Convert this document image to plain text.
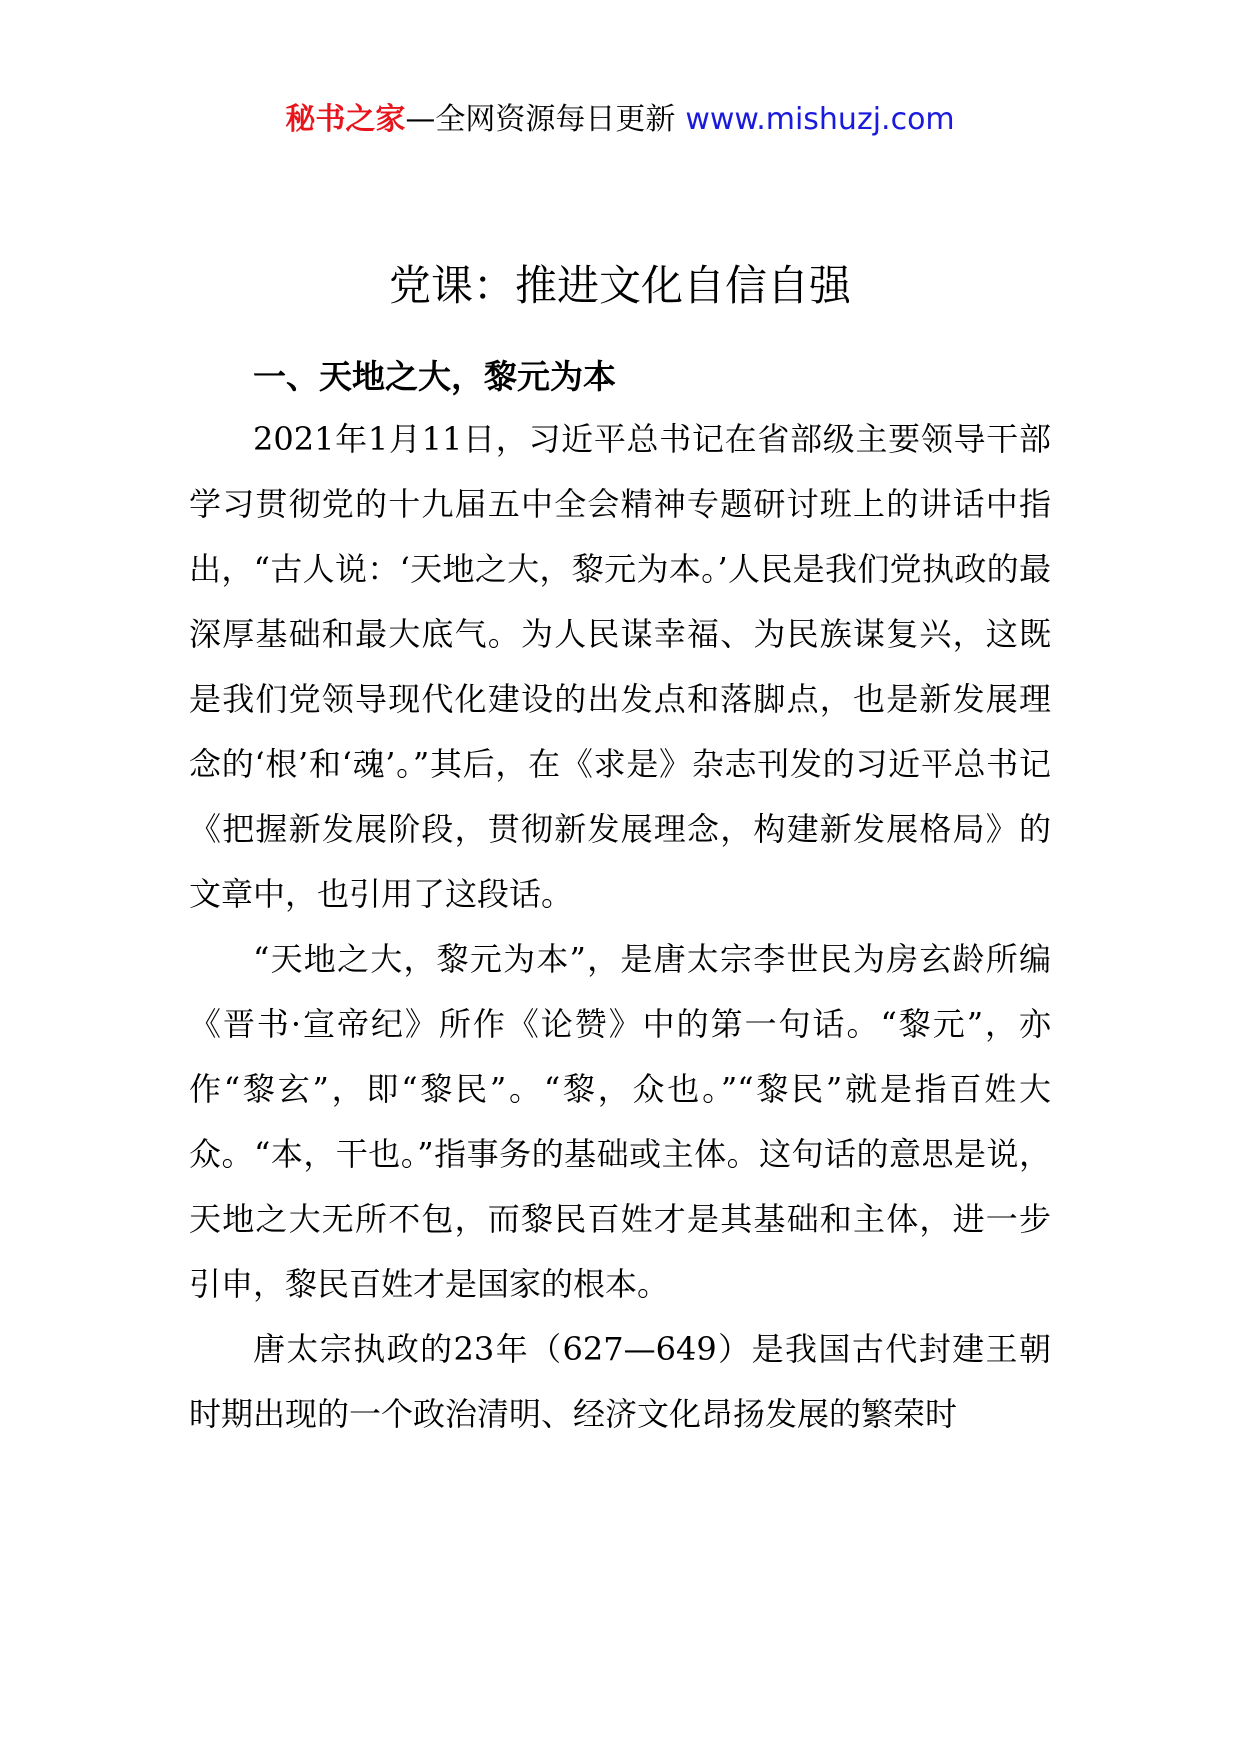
秘书之家—全网资源每日更新 www.mishuzj.com
党课：推进文化自信自强
一、天地之大，黎元为本

2021年1月11日，习近平总书记在省部级主要领导干部学习贯彻党的十九届五中全会精神专题研讨班上的讲话中指出，“古人说：‘天地之大，黎元为本。’人民是我们党执政的最深厚基础和最大底气。为人民谋幸福、为民族谋复兴，这既是我们党领导现代化建设的出发点和落脚点，也是新发展理念的‘根’和‘魂’。”其后，在《求是》杂志刊发的习近平总书记《把握新发展阶段，贯彻新发展理念，构建新发展格局》的文章中，也引用了这段话。

“天地之大，黎元为本”，是唐太宗李世民为房玄龄所编《晋书·宣帝纪》所作《论赞》中的第一句话。“黎元”，亦作“黎玄”，即“黎民”。“黎，众也。”“黎民”就是指百姓大众。“本，干也。”指事务的基础或主体。这句话的意思是说，天地之大无所不包，而黎民百姓才是其基础和主体，进一步引申，黎民百姓才是国家的根本。

唐太宗执政的23年（627—649）是我国古代封建王朝时期出现的一个政治清明、经济文化昂扬发展的繁荣时
